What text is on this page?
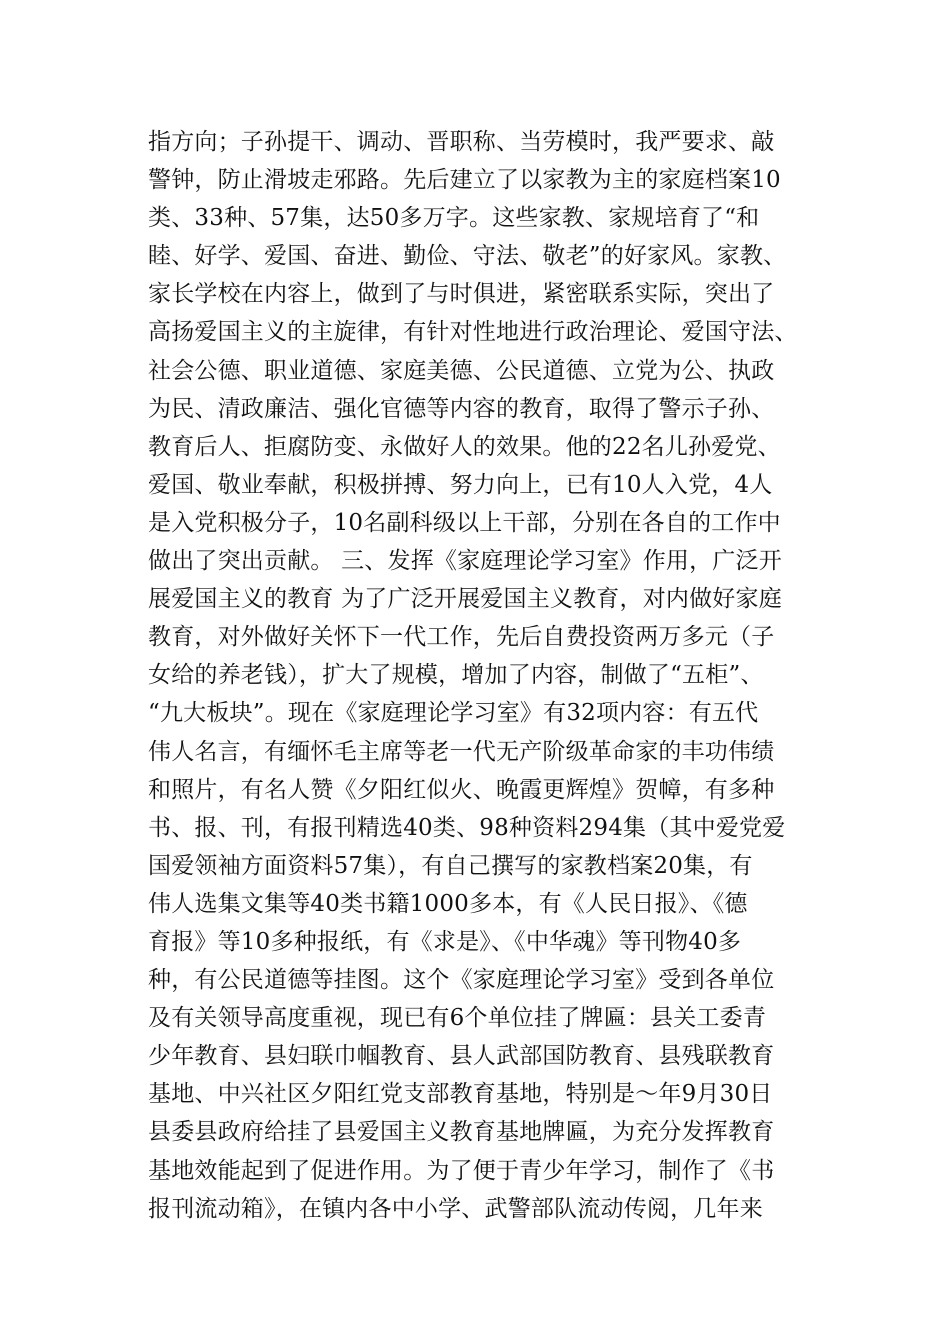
指方向；子孙提干、调动、晋职称、当劳模时，我严要求、敲
警钟，防止滑坡走邪路。先后建立了以家教为主的家庭档案10
类、33种、57集，达50多万字。这些家教、家规培育了“和
睦、好学、爱国、奋进、勤俭、守法、敬老”的好家风。家教、
家长学校在内容上，做到了与时俱进，紧密联系实际，突出了
高扬爱国主义的主旋律，有针对性地进行政治理论、爱国守法、
社会公德、职业道德、家庭美德、公民道德、立党为公、执政
为民、清政廉洁、强化官德等内容的教育，取得了警示子孙、
教育后人、拒腐防变、永做好人的效果。他的22名儿孙爱党、
爱国、敬业奉献，积极拼搏、努力向上，已有10人入党，4人
是入党积极分子，10名副科级以上干部，分别在各自的工作中
做出了突出贡献。 三、发挥《家庭理论学习室》作用，广泛开
展爱国主义的教育 为了广泛开展爱国主义教育，对内做好家庭
教育，对外做好关怀下一代工作，先后自费投资两万多元（子
女给的养老钱），扩大了规模，增加了内容，制做了“五柜”、
“九大板块”。现在《家庭理论学习室》有32项内容：有五代
伟人名言，有缅怀毛主席等老一代无产阶级革命家的丰功伟绩
和照片，有名人赞《夕阳红似火、晚霞更辉煌》贺幛，有多种
书、报、刊，有报刊精选40类、98种资料294集（其中爱党爱
国爱领袖方面资料57集），有自己撰写的家教档案20集，有
伟人选集文集等40类书籍1000多本，有《人民日报》、《德
育报》等10多种报纸，有《求是》、《中华魂》等刊物40多
种，有公民道德等挂图。这个《家庭理论学习室》受到各单位
及有关领导高度重视，现已有6个单位挂了牌匾：县关工委青
少年教育、县妇联巾帼教育、县人武部国防教育、县残联教育
基地、中兴社区夕阳红党支部教育基地，特别是～年9月30日
县委县政府给挂了县爱国主义教育基地牌匾，为充分发挥教育
基地效能起到了促进作用。为了便于青少年学习，制作了《书
报刊流动箱》，在镇内各中小学、武警部队流动传阅，几年来
